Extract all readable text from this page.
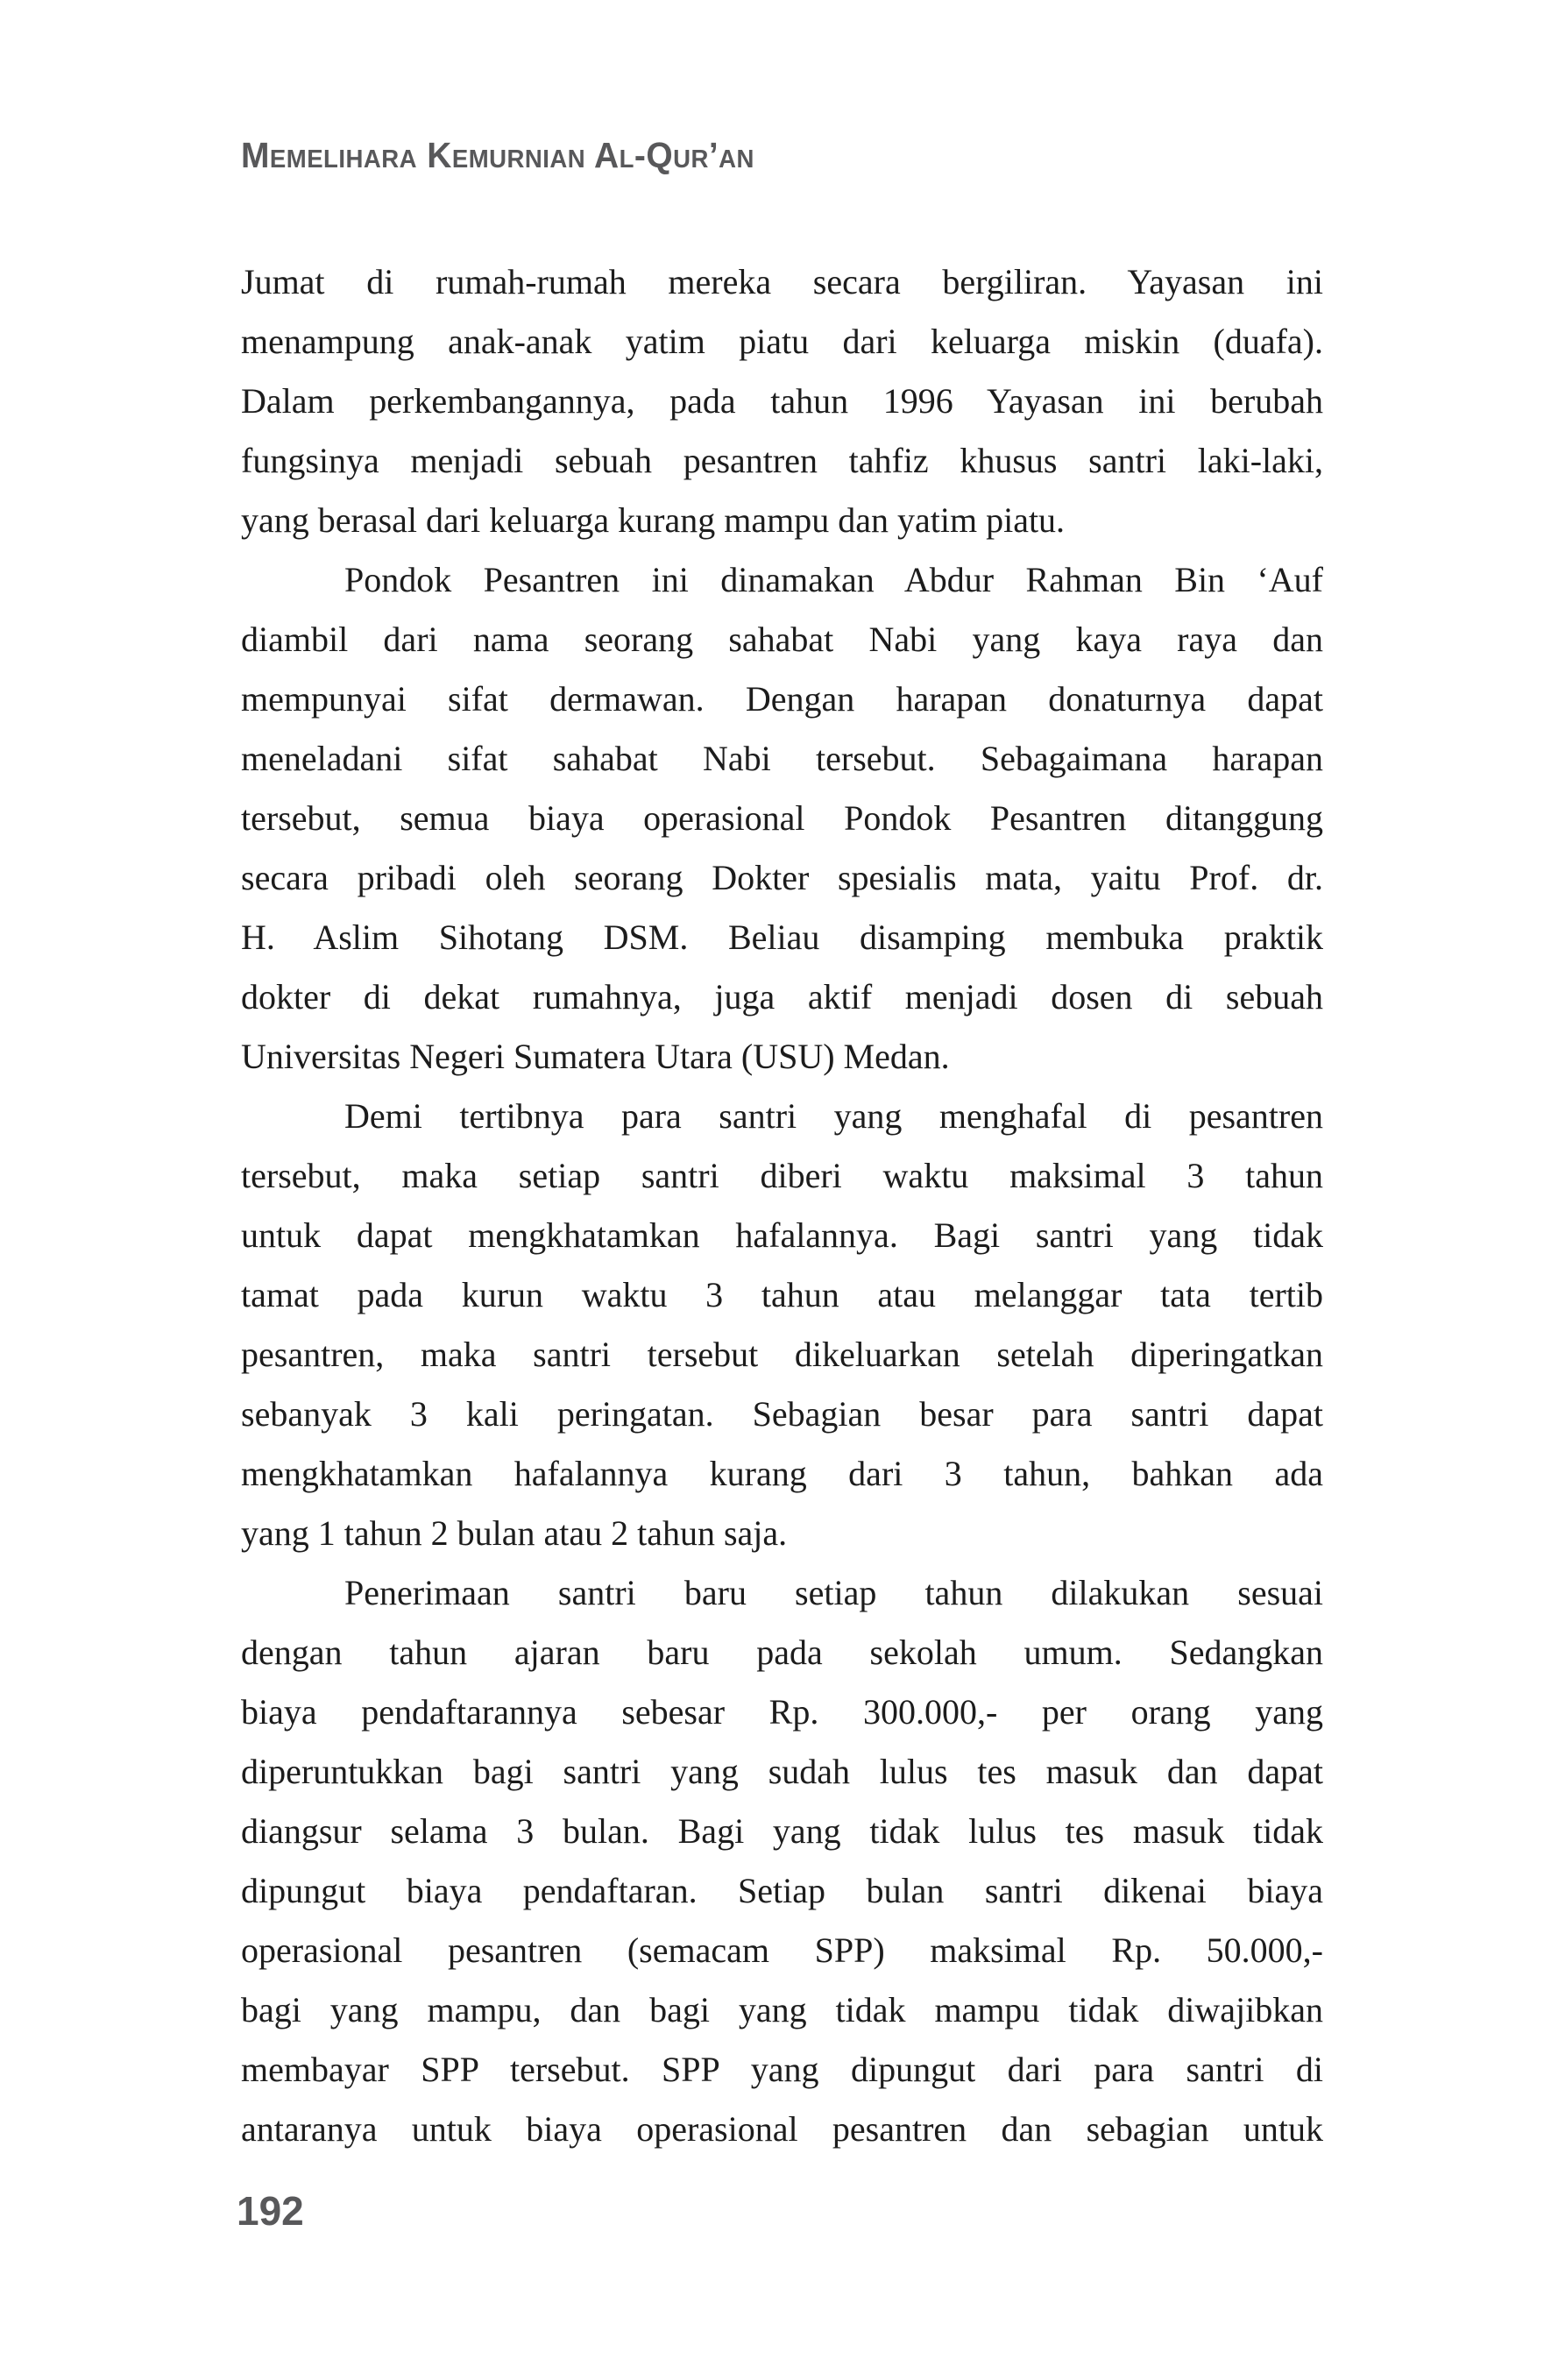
Memelihara Kemurnian Al-Qur’an
Jumat di rumah-rumah mereka secara bergiliran. Yayasan ini
menampung anak-anak yatim piatu dari keluarga miskin (duafa).
Dalam perkembangannya, pada tahun 1996 Yayasan ini berubah
fungsinya menjadi sebuah pesantren tahfiz khusus santri laki-laki,
yang berasal dari keluarga kurang mampu dan yatim piatu.
Pondok Pesantren ini dinamakan Abdur Rahman Bin ‘Auf
diambil dari nama seorang sahabat Nabi yang kaya raya dan
mempunyai sifat dermawan. Dengan harapan donaturnya dapat
meneladani sifat sahabat Nabi tersebut. Sebagaimana harapan
tersebut, semua biaya operasional Pondok Pesantren ditanggung
secara pribadi oleh seorang Dokter spesialis mata, yaitu Prof. dr.
H. Aslim Sihotang DSM. Beliau disamping membuka praktik
dokter di dekat rumahnya, juga aktif menjadi dosen di sebuah
Universitas Negeri Sumatera Utara (USU) Medan.
Demi tertibnya para santri yang menghafal di pesantren
tersebut, maka setiap santri diberi waktu maksimal 3 tahun
untuk dapat mengkhatamkan hafalannya. Bagi santri yang tidak
tamat pada kurun waktu 3 tahun atau melanggar tata tertib
pesantren, maka santri tersebut dikeluarkan setelah diperingatkan
sebanyak 3 kali peringatan. Sebagian besar para santri dapat
mengkhatamkan hafalannya kurang dari 3 tahun, bahkan ada
yang 1 tahun 2 bulan atau 2 tahun saja.
Penerimaan santri baru setiap tahun dilakukan sesuai
dengan tahun ajaran baru pada sekolah umum. Sedangkan
biaya pendaftarannya sebesar Rp. 300.000,- per orang yang
diperuntukkan bagi santri yang sudah lulus tes masuk dan dapat
diangsur selama 3 bulan. Bagi yang tidak lulus tes masuk tidak
dipungut biaya pendaftaran. Setiap bulan santri dikenai biaya
operasional pesantren (semacam SPP) maksimal Rp. 50.000,-
bagi yang mampu, dan bagi yang tidak mampu tidak diwajibkan
membayar SPP tersebut. SPP yang dipungut dari para santri di
antaranya untuk biaya operasional pesantren dan sebagian untuk
192
